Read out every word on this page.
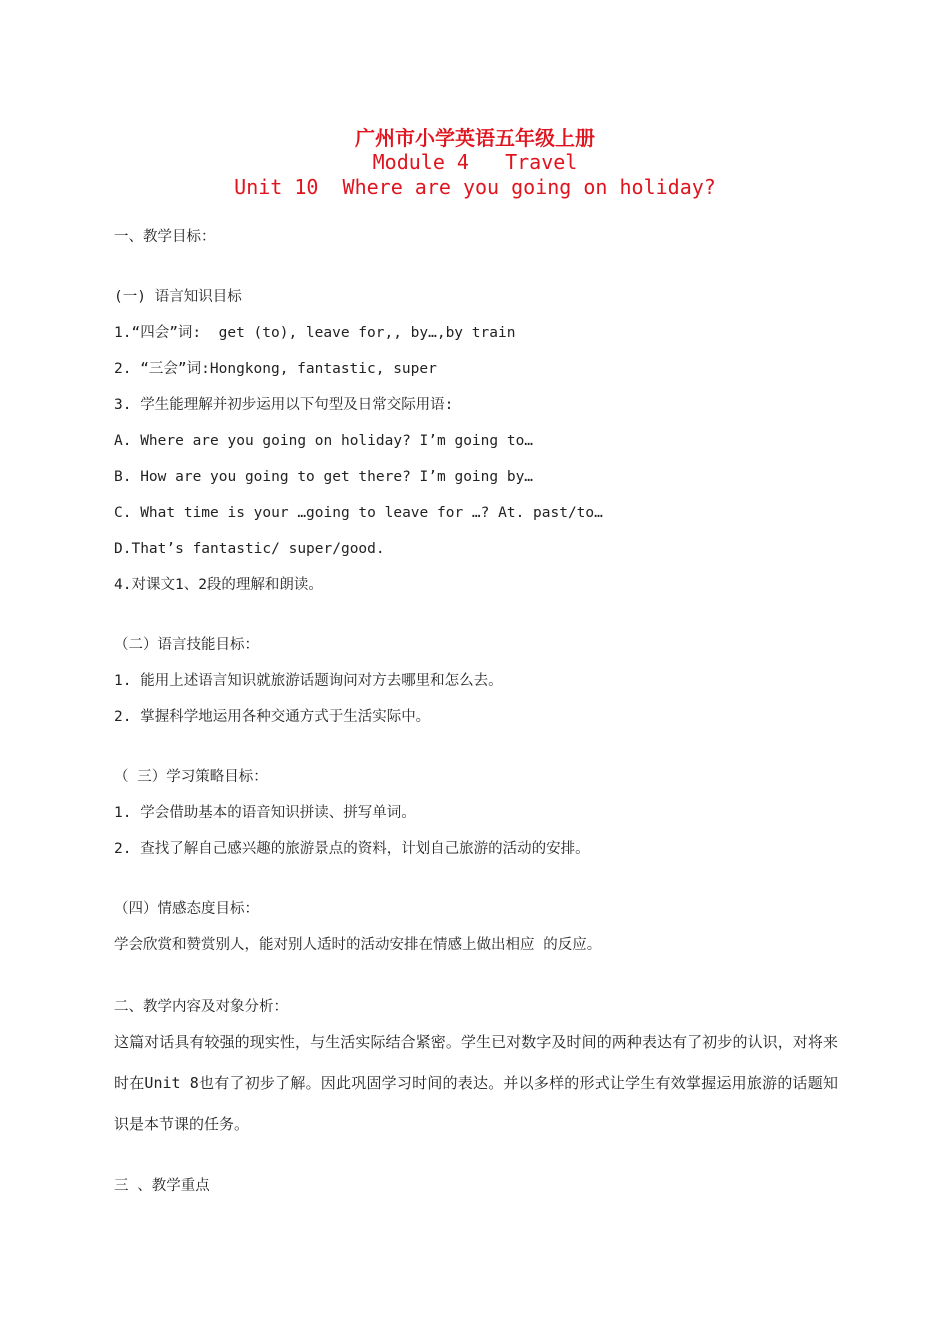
广州市小学英语五年级上册
Module 4   Travel
Unit 10  Where are you going on holiday?
一、教学目标：
(一) 语言知识目标
1.“四会”词:  get (to), leave for,, by…,by train
2. “三会”词:Hongkong, fantastic, super
3. 学生能理解并初步运用以下句型及日常交际用语:
A. Where are you going on holiday? I’m going to…
B. How are you going to get there? I’m going by…
C. What time is your …going to leave for …? At. past/to…
D.That’s fantastic/ super/good.
4.对课文1、2段的理解和朗读。
（二）语言技能目标：
1. 能用上述语言知识就旅游话题询问对方去哪里和怎么去。
2. 掌握科学地运用各种交通方式于生活实际中。
（ 三）学习策略目标：
1. 学会借助基本的语音知识拼读、拼写单词。
2. 查找了解自己感兴趣的旅游景点的资料，计划自己旅游的活动的安排。
（四）情感态度目标：
学会欣赏和赞赏别人，能对别人适时的活动安排在情感上做出相应 的反应。
二、教学内容及对象分析：
这篇对话具有较强的现实性，与生活实际结合紧密。学生已对数字及时间的两种表达有了初步的认识，对将来时在Unit 8也有了初步了解。因此巩固学习时间的表达。并以多样的形式让学生有效掌握运用旅游的话题知识是本节课的任务。
三 、教学重点
